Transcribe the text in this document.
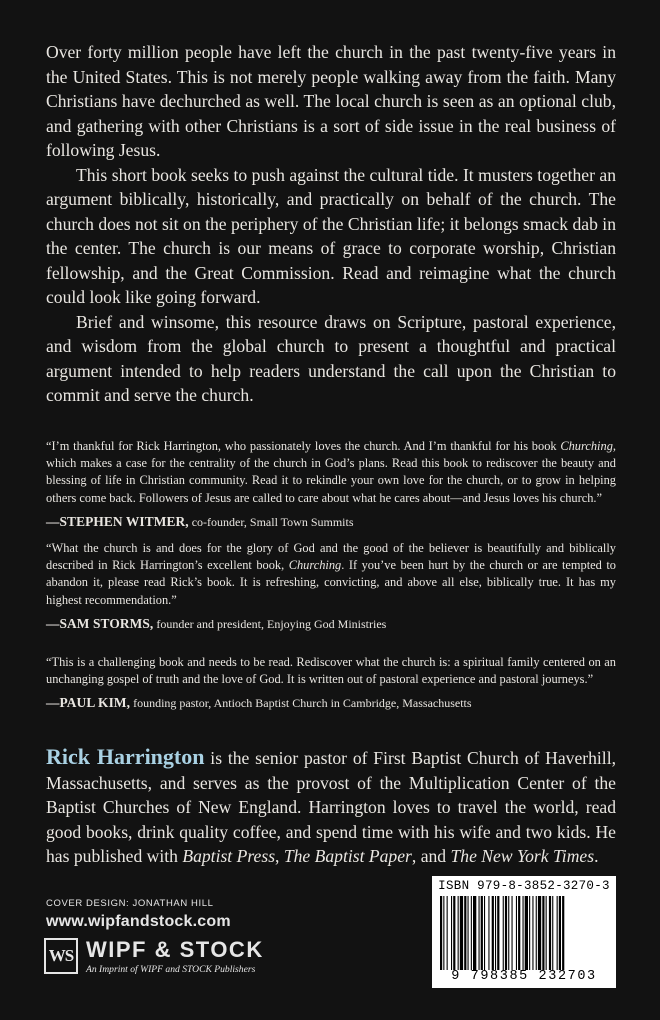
Over forty million people have left the church in the past twenty-five years in the United States. This is not merely people walking away from the faith. Many Christians have dechurched as well. The local church is seen as an optional club, and gathering with other Christians is a sort of side issue in the real business of following Jesus.

This short book seeks to push against the cultural tide. It musters together an argument biblically, historically, and practically on behalf of the church. The church does not sit on the periphery of the Christian life; it belongs smack dab in the center. The church is our means of grace to corporate worship, Christian fellowship, and the Great Commission. Read and reimagine what the church could look like going forward.

Brief and winsome, this resource draws on Scripture, pastoral experience, and wisdom from the global church to present a thoughtful and practical argument intended to help readers understand the call upon the Christian to commit and serve the church.

“I’m thankful for Rick Harrington, who passionately loves the church. And I’m thankful for his book Churching, which makes a case for the centrality of the church in God’s plans. Read this book to rediscover the beauty and blessing of life in Christian community. Read it to rekindle your own love for the church, or to grow in helping others come back. Followers of Jesus are called to care about what he cares about—and Jesus loves his church.”

—STEPHEN WITMER, co-founder, Small Town Summits

“What the church is and does for the glory of God and the good of the believer is beautifully and biblically described in Rick Harrington’s excellent book, Churching. If you’ve been hurt by the church or are tempted to abandon it, please read Rick’s book. It is refreshing, convicting, and above all else, biblically true. It has my highest recommendation.”

—SAM STORMS, founder and president, Enjoying God Ministries

“This is a challenging book and needs to be read. Rediscover what the church is: a spiritual family centered on an unchanging gospel of truth and the love of God. It is written out of pastoral experience and pastoral journeys.”

—PAUL KIM, founding pastor, Antioch Baptist Church in Cambridge, Massachusetts

Rick Harrington is the senior pastor of First Baptist Church of Haverhill, Massachusetts, and serves as the provost of the Multiplication Center of the Baptist Churches of New England. Harrington loves to travel the world, read good books, drink quality coffee, and spend time with his wife and two kids. He has published with Baptist Press, The Baptist Paper, and The New York Times.
COVER DESIGN: JONATHAN HILL
www.wipfandstock.com
WS WIPF & STOCK
An Imprint of WIPF and STOCK Publishers
ISBN 979-8-3852-3270-3
9 798385 232703
